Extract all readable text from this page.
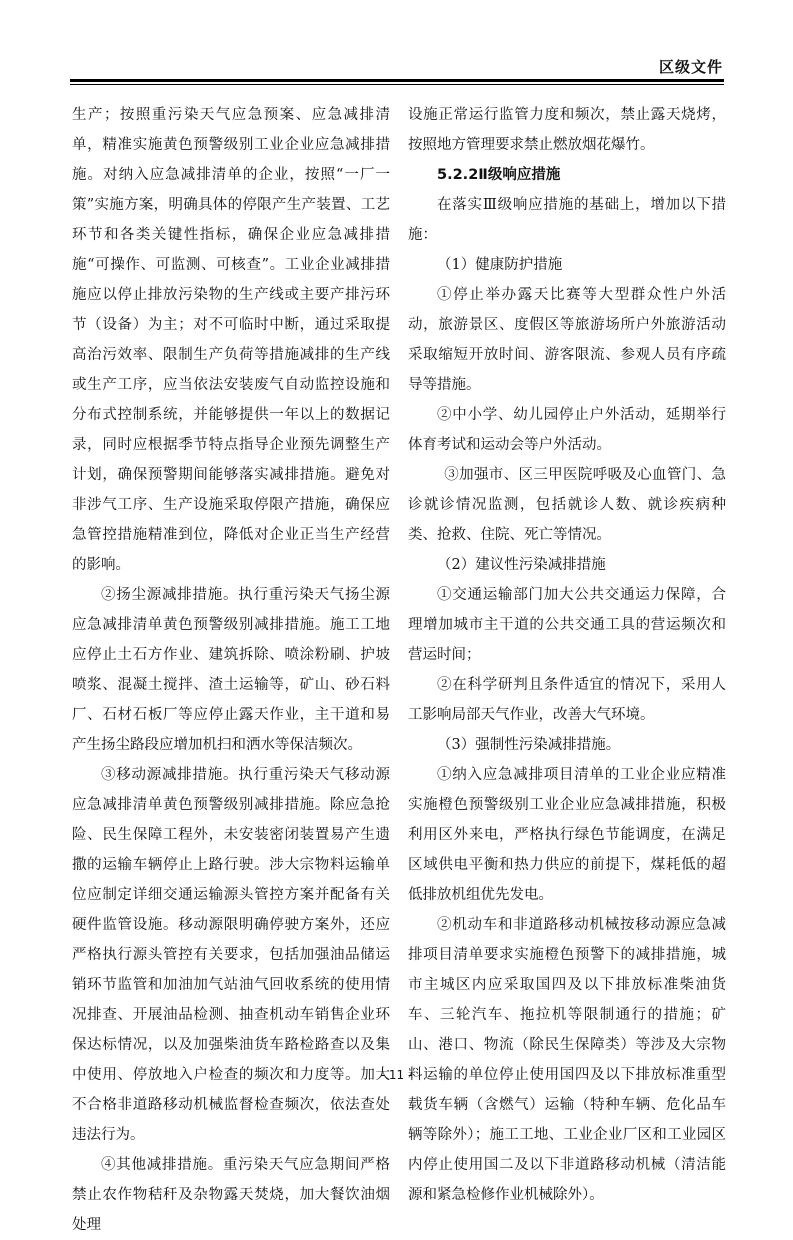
区级文件

生产；按照重污染天气应急预案、应急减排清单，精准实施黄色预警级别工业企业应急减排措施。对纳入应急减排清单的企业，按照“一厂一策”实施方案，明确具体的停限产生产装置、工艺环节和各类关键性指标，确保企业应急减排措施“可操作、可监测、可核查”。工业企业减排措施应以停止排放污染物的生产线或主要产排污环节（设备）为主；对不可临时中断，通过采取提高治污效率、限制生产负荷等措施减排的生产线或生产工序，应当依法安装废气自动监控设施和分布式控制系统，并能够提供一年以上的数据记录，同时应根据季节特点指导企业预先调整生产计划，确保预警期间能够落实减排措施。避免对非涉气工序、生产设施采取停限产措施，确保应急管控措施精准到位，降低对企业正当生产经营的影响。

②扬尘源减排措施。执行重污染天气扬尘源应急减排清单黄色预警级别减排措施。施工工地应停止土石方作业、建筑拆除、喷涂粉刷、护坡喷浆、混凝土搅拌、渣土运输等，矿山、砂石料厂、石材石板厂等应停止露天作业，主干道和易产生扬尘路段应增加机扫和洒水等保洁频次。

③移动源减排措施。执行重污染天气移动源应急减排清单黄色预警级别减排措施。除应急抢险、民生保障工程外，未安装密闭装置易产生遗撒的运输车辆停止上路行驶。涉大宗物料运输单位应制定详细交通运输源头管控方案并配备有关硬件监管设施。移动源限明确停驶方案外，还应严格执行源头管控有关要求，包括加强油品储运销环节监管和加油加气站油气回收系统的使用情况排查、开展油品检测、抽查机动车销售企业环保达标情况，以及加强柴油货车路检路查以及集中使用、停放地入户检查的频次和力度等。加大不合格非道路移动机械监督检查频次，依法查处违法行为。

④其他减排措施。重污染天气应急期间严格禁止农作物秸秆及杂物露天焚烧，加大餐饮油烟处理

设施正常运行监管力度和频次，禁止露天烧烤，按照地方管理要求禁止燃放烟花爆竹。

5.2.2Ⅱ级响应措施

在落实Ⅲ级响应措施的基础上，增加以下措施：

（1）健康防护措施

①停止举办露天比赛等大型群众性户外活动，旅游景区、度假区等旅游场所户外旅游活动采取缩短开放时间、游客限流、参观人员有序疏导等措施。

②中小学、幼儿园停止户外活动，延期举行体育考试和运动会等户外活动。

③加强市、区三甲医院呼吸及心血管门、急诊就诊情况监测，包括就诊人数、就诊疾病种类、抢救、住院、死亡等情况。

（2）建议性污染减排措施

①交通运输部门加大公共交通运力保障，合理增加城市主干道的公共交通工具的营运频次和营运时间；

②在科学研判且条件适宜的情况下，采用人工影响局部天气作业，改善大气环境。

（3）强制性污染减排措施。

①纳入应急减排项目清单的工业企业应精准实施橙色预警级别工业企业应急减排措施，积极利用区外来电，严格执行绿色节能调度，在满足区域供电平衡和热力供应的前提下，煤耗低的超低排放机组优先发电。

②机动车和非道路移动机械按移动源应急减排项目清单要求实施橙色预警下的减排措施，城市主城区内应采取国四及以下排放标准柴油货车、三轮汽车、拖拉机等限制通行的措施；矿山、港口、物流（除民生保障类）等涉及大宗物料运输的单位停止使用国四及以下排放标准重型载货车辆（含燃气）运输（特种车辆、危化品车辆等除外）；施工工地、工业企业厂区和工业园区内停止使用国二及以下非道路移动机械（清洁能源和紧急检修作业机械除外）。

- 11 -
